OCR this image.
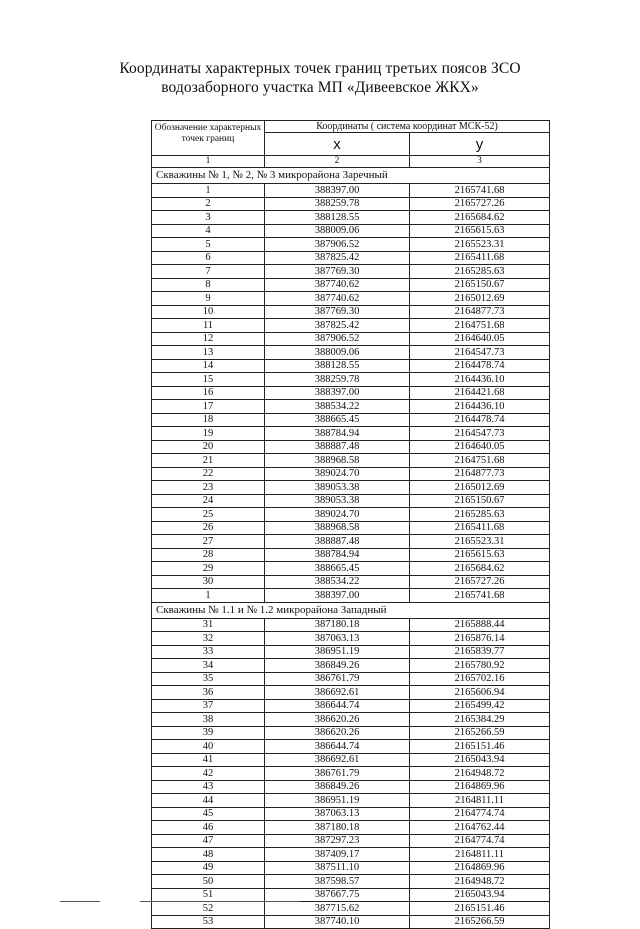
Координаты характерных точек границ третьих поясов ЗСО
водозаборного участка МП «Дивеевское ЖКХ»
Обозначение характерных точек границ	Координаты ( система координат МСК-52)	
	x	y
1	2	3
Скважины № 1, № 2, № 3 микрорайона Заречный		
1	388397.00	2165741.68
2	388259.78	2165727.26
3	388128.55	2165684.62
4	388009.06	2165615.63
5	387906.52	2165523.31
6	387825.42	2165411.68
7	387769.30	2165285.63
8	387740.62	2165150.67
9	387740.62	2165012.69
10	387769.30	2164877.73
11	387825.42	2164751.68
12	387906.52	2164640.05
13	388009.06	2164547.73
14	388128.55	2164478.74
15	388259.78	2164436.10
16	388397.00	2164421.68
17	388534.22	2164436.10
18	388665.45	2164478.74
19	388784.94	2164547.73
20	388887.48	2164640.05
21	388968.58	2164751.68
22	389024.70	2164877.73
23	389053.38	2165012.69
24	389053.38	2165150.67
25	389024.70	2165285.63
26	388968.58	2165411.68
27	388887.48	2165523.31
28	388784.94	2165615.63
29	388665.45	2165684.62
30	388534.22	2165727.26
1	388397.00	2165741.68
Скважины № 1.1 и № 1.2 микрорайона Западный		
31	387180.18	2165888.44
32	387063.13	2165876.14
33	386951.19	2165839.77
34	386849.26	2165780.92
35	386761.79	2165702.16
36	386692.61	2165606.94
37	386644.74	2165499.42
38	386620.26	2165384.29
39	386620.26	2165266.59
40	386644.74	2165151.46
41	386692.61	2165043.94
42	386761.79	2164948.72
43	386849.26	2164869.96
44	386951.19	2164811.11
45	387063.13	2164774.74
46	387180.18	2164762.44
47	387297.23	2164774.74
48	387409.17	2164811.11
49	387511.10	2164869.96
50	387598.57	2164948.72
51	387667.75	2165043.94
52	387715.62	2165151.46
53	387740.10	2165266.59
